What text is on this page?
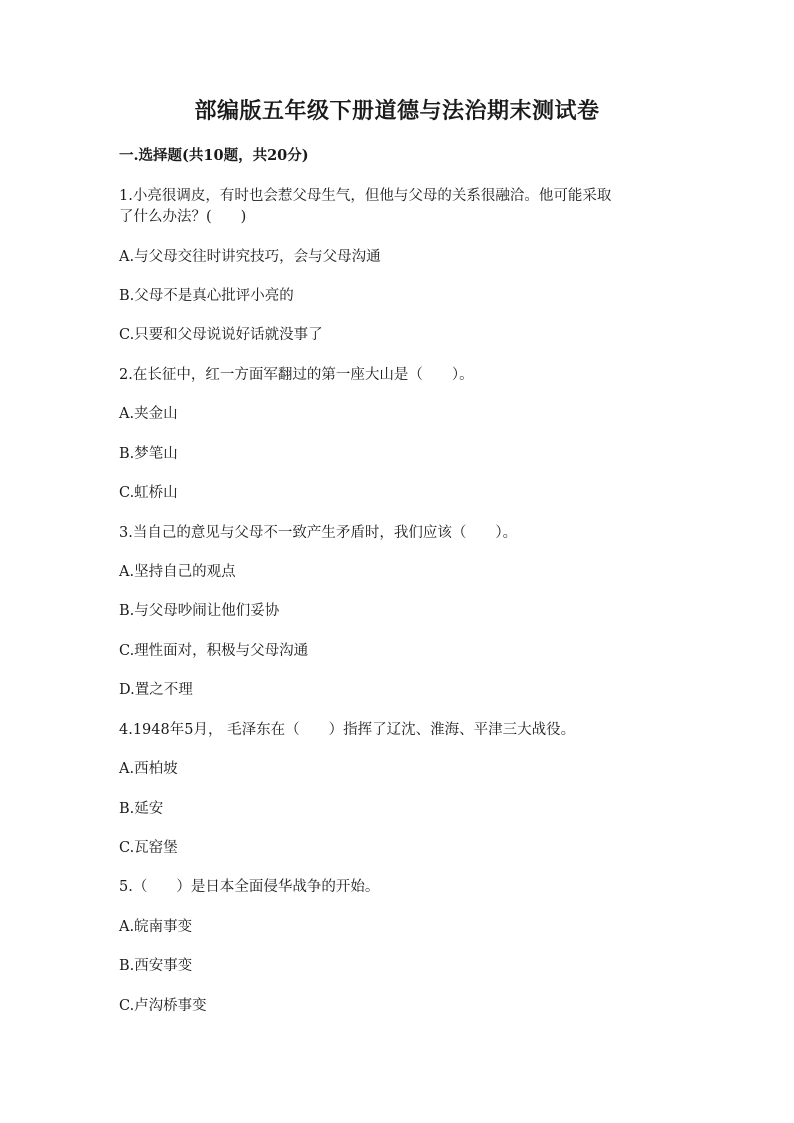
部编版五年级下册道德与法治期末测试卷
一.选择题(共10题，共20分)
1.小亮很调皮，有时也会惹父母生气，但他与父母的关系很融洽。他可能采取
了什么办法？(　　)
A.与父母交往时讲究技巧，会与父母沟通
B.父母不是真心批评小亮的
C.只要和父母说说好话就没事了
2.在长征中，红一方面军翻过的第一座大山是（　　）。
A.夹金山
B.梦笔山
C.虹桥山
3.当自己的意见与父母不一致产生矛盾时，我们应该（　　）。
A.坚持自己的观点
B.与父母吵闹让他们妥协
C.理性面对，积极与父母沟通
D.置之不理
4.1948年5月， 毛泽东在（　　）指挥了辽沈、淮海、平津三大战役。
A.西柏坡
B.延安
C.瓦窑堡
5.（　　）是日本全面侵华战争的开始。
A.皖南事变
B.西安事变
C.卢沟桥事变
